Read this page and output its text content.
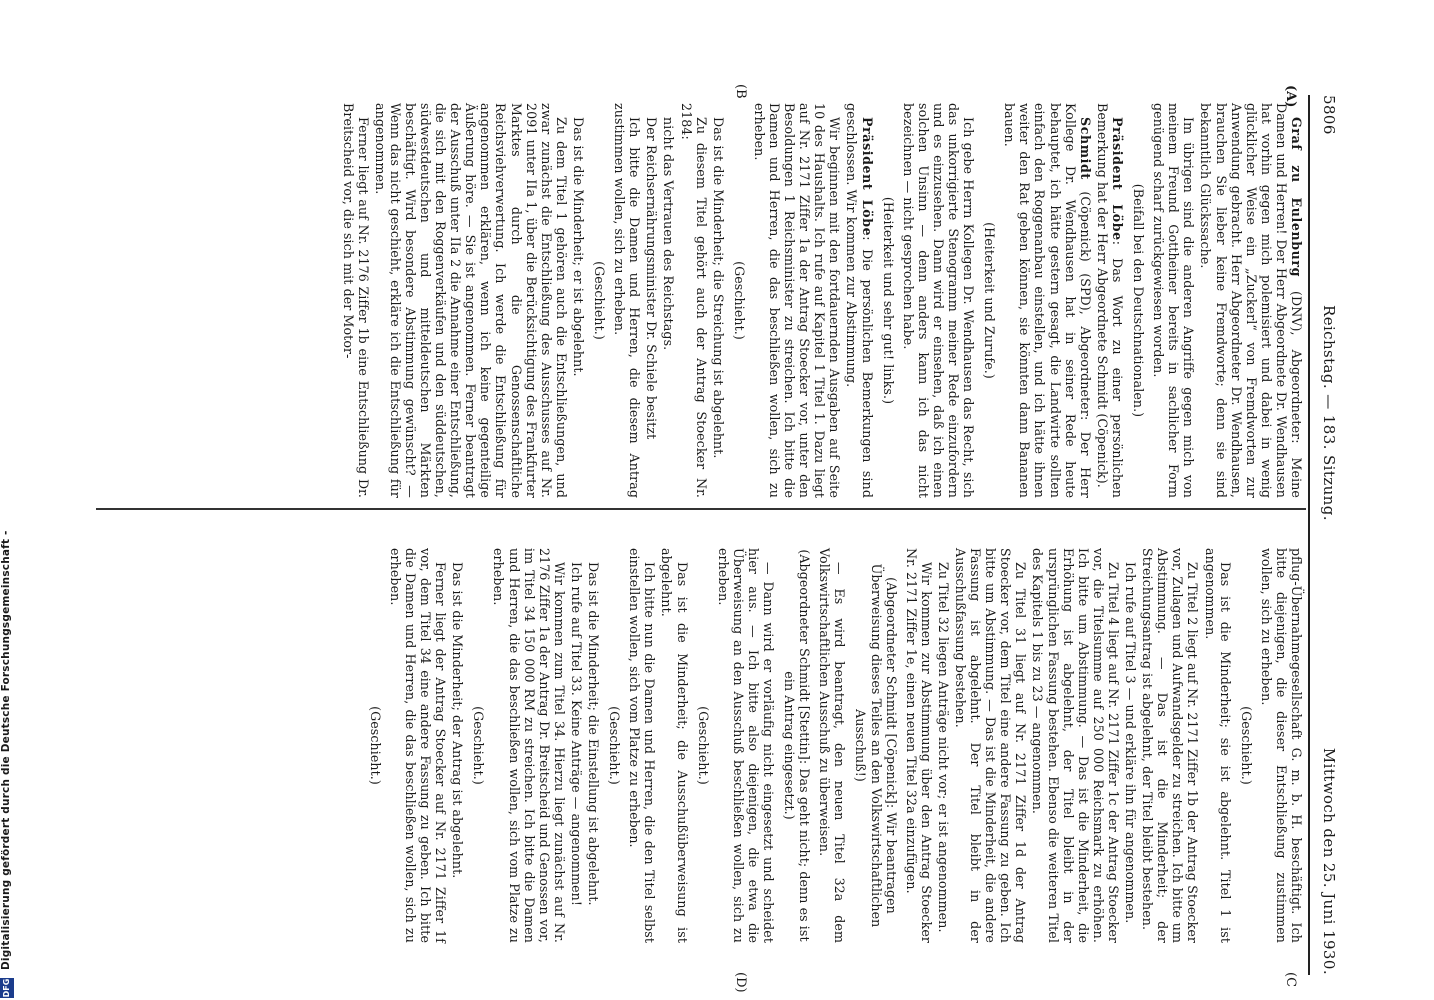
5806
Reichstag. — 183. Sitzung.
Mittwoch den 25. Juni 1930.
(A)
(B
(C
(D)

Graf zu Eulenburg (DNV), Abgeordneter: Meine Damen und Herren! Der Herr Abgeordnete Dr. Wendhausen hat vorhin gegen mich polemisiert und dabei in wenig glücklicher Weise ein „Zuckerl“ von Fremdworten zur Anwendung gebracht. Herr Abgeordneter Dr. Wendhausen, brauchen Sie lieber keine Fremdworte; denn sie sind bekanntlich Glückssache.

Im übrigen sind die anderen Angriffe gegen mich von meinem Freund Gottheiner bereits in sachlicher Form genügend scharf zurückgewiesen worden.

(Beifall bei den Deutschnationalen.)

Präsident Löbe: Das Wort zu einer persönlichen Bemerkung hat der Herr Abgeordnete Schmidt (Cöpenick).

Schmidt (Cöpenick) (SPD), Abgeordneter: Der Herr Kollege Dr. Wendhausen hat in seiner Rede heute behauptet, ich hätte gestern gesagt, die Landwirte sollten einfach den Roggenanbau einstellen, und ich hätte ihnen weiter den Rat geben können, sie könnten dann Bananen bauen.

(Heiterkeit und Zurufe.)

Ich gebe Herrn Kollegen Dr. Wendhausen das Recht, sich das unkorrigierte Stenogramm meiner Rede einzufordern und es einzusehen. Dann wird er einsehen, daß ich einen solchen Unsinn — denn anders kann ich das nicht bezeichnen — nicht gesprochen habe.

(Heiterkeit und sehr gut! links.)

Präsident Löbe: Die persönlichen Bemerkungen sind geschlossen. Wir kommen zur Abstimmung.

Wir beginnen mit den fortdauernden Ausgaben auf Seite 10 des Haushalts. Ich rufe auf Kapitel 1 Titel 1. Dazu liegt auf Nr. 2171 Ziffer 1a der Antrag Stoecker vor, unter den Besoldungen 1 Reichsminister zu streichen. Ich bitte die Damen und Herren, die das beschließen wollen, sich zu erheben.

(Geschieht.)

Das ist die Minderheit; die Streichung ist abgelehnt.

Zu diesem Titel gehört auch der Antrag Stoecker Nr. 2184:

nicht das Vertrauen des Reichstags.

Der Reichsernährungsminister Dr. Schiele besitzt

Ich bitte die Damen und Herren, die diesem Antrag zustimmen wollen, sich zu erheben.

(Geschieht.)

Das ist die Minderheit; er ist abgelehnt.

Zu dem Titel 1 gehören auch die Entschließungen, und zwar zunächst die Entschließung des Ausschusses auf Nr. 2091 unter IIa 1, über die Berücksichtigung des Frankfurter Marktes durch die Genossenschaftliche Reichsviehverwertung. Ich werde die Entschließung für angenommen erklären, wenn ich keine gegenteilige Äußerung höre. — Sie ist angenommen. Ferner beantragt der Ausschuß unter IIa 2 die Annahme einer Entschließung, die sich mit den Roggenverkäufen und den süddeutschen, südwestdeutschen und mitteldeutschen Märkten beschäftigt. Wird besondere Abstimmung gewünscht? — Wenn das nicht geschieht, erkläre ich die Entschließung für angenommen.

Ferner liegt auf Nr. 2176 Ziffer 1b eine Entschließung Dr. Breitscheid vor, die sich mit der Motor-

pflug-Übernahmegesellschaft G. m. b. H. beschäftigt. Ich bitte diejenigen, die dieser Entschließung zustimmen wollen, sich zu erheben.

(Geschieht.)

Das ist die Minderheit; sie ist abgelehnt. Titel 1 ist angenommen.

Zu Titel 2 liegt auf Nr. 2171 Ziffer 1b der Antrag Stoecker vor, Zulagen und Aufwandsgelder zu streichen. Ich bitte um Abstimmung. — Das ist die Minderheit; der Streichungsantrag ist abgelehnt, der Titel bleibt bestehen.

Ich rufe auf Titel 3 — und erkläre ihn für angenommen.

Zu Titel 4 liegt auf Nr. 2171 Ziffer 1c der Antrag Stoecker vor, die Titelsumme auf 250 000 Reichsmark zu erhöhen. Ich bitte um Abstimmung. — Das ist die Minderheit, die Erhöhung ist abgelehnt, der Titel bleibt in der ursprünglichen Fassung bestehen. Ebenso die weiteren Titel des Kapitels 1 bis zu 23 — angenommen.

Zu Titel 31 liegt auf Nr. 2171 Ziffer 1d der Antrag Stoecker vor, dem Titel eine andere Fassung zu geben. Ich bitte um Abstimmung. — Das ist die Minderheit, die andere Fassung ist abgelehnt. Der Titel bleibt in der Ausschußfassung bestehen.

Zu Titel 32 liegen Anträge nicht vor; er ist angenommen.

Wir kommen zur Abstimmung über den Antrag Stoecker Nr. 2171 Ziffer 1e, einen neuen Titel 32a einzufügen.

(Abgeordneter Schmidt [Cöpenick]: Wir beantragen Überweisung dieses Teiles an den Volkswirtschaftlichen Ausschuß!)

— Es wird beantragt, den neuen Titel 32a dem Volkswirtschaftlichen Ausschuß zu überweisen.

(Abgeordneter Schmidt [Stettin]: Das geht nicht; denn es ist ein Antrag eingesetzt.)

— Dann wird er vorläufig nicht eingesetzt und scheidet hier aus. — Ich bitte also diejenigen, die etwa die Überweisung an den Ausschuß beschließen wollen, sich zu erheben.

(Geschieht.)

Das ist die Minderheit; die Ausschußüberweisung ist abgelehnt.

Ich bitte nun die Damen und Herren, die den Titel selbst einstellen wollen, sich vom Platze zu erheben.

(Geschieht.)

Das ist die Minderheit; die Einstellung ist abgelehnt.

Ich rufe auf Titel 33. Keine Anträge — angenommen!

Wir kommen zum Titel 34. Hierzu liegt zunächst auf Nr. 2176 Ziffer 1a der Antrag Dr. Breitscheid und Genossen vor, im Titel 34 150 000 RM zu streichen. Ich bitte die Damen und Herren, die das beschließen wollen, sich vom Platze zu erheben.

(Geschieht.)

Das ist die Minderheit; der Antrag ist abgelehnt.

Ferner liegt der Antrag Stoecker auf Nr. 2171 Ziffer 1f vor, dem Titel 34 eine andere Fassung zu geben. Ich bitte die Damen und Herren, die das beschließen wollen, sich zu erheben.

(Geschieht.)

DFG
Digitalisierung gefördert durch die Deutsche Forschungsgemeinschaft -
